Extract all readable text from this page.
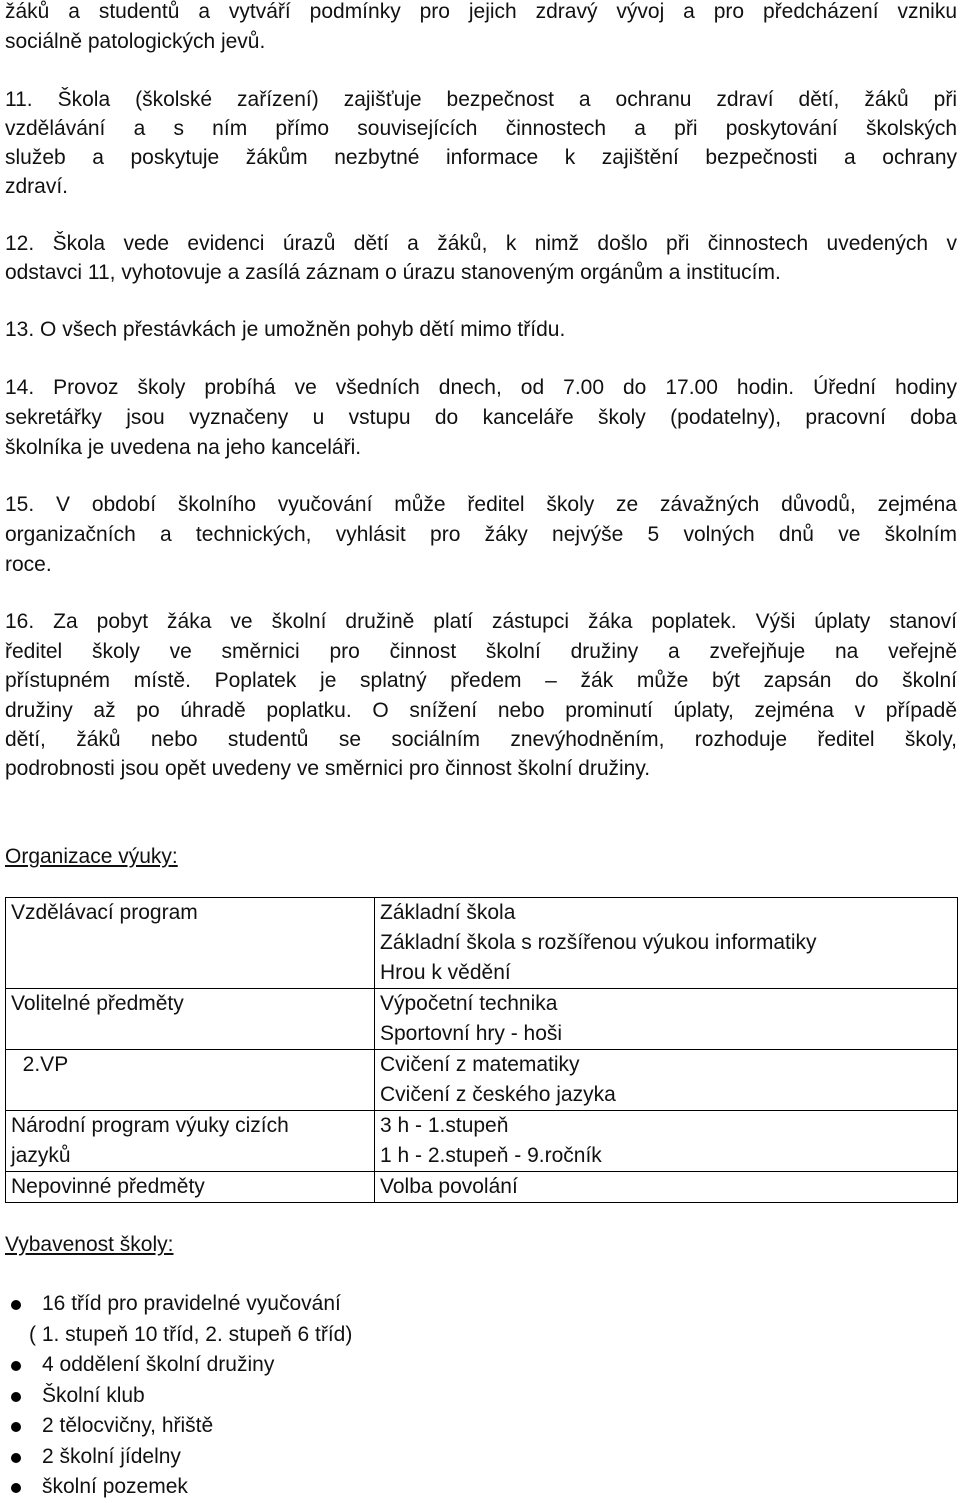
žáků a studentů a vytváří podmínky pro jejich zdravý vývoj a pro předcházení vzniku
sociálně patologických jevů.
11. Škola (školské zařízení) zajišťuje bezpečnost a ochranu zdraví dětí, žáků při
vzdělávání a s ním přímo souvisejících činnostech a při poskytování školských
služeb a poskytuje žákům nezbytné informace k zajištění bezpečnosti a ochrany
zdraví.
12. Škola vede evidenci úrazů dětí a žáků, k nimž došlo při činnostech uvedených v
odstavci 11, vyhotovuje a zasílá záznam o úrazu stanoveným orgánům a institucím.
13. O všech přestávkách je umožněn pohyb dětí mimo třídu.
14. Provoz školy probíhá ve všedních dnech, od 7.00 do 17.00 hodin. Úřední hodiny
sekretářky jsou vyznačeny u vstupu do kanceláře školy (podatelny), pracovní doba
školníka je uvedena na jeho kanceláři.
15. V období školního vyučování může ředitel školy ze závažných důvodů, zejména
organizačních a technických, vyhlásit pro žáky nejvýše 5 volných dnů ve školním
roce.
16. Za pobyt žáka ve školní družině platí zástupci žáka poplatek. Výši úplaty stanoví
ředitel školy ve směrnici pro činnost školní družiny a zveřejňuje na veřejně
přístupném místě. Poplatek je splatný předem – žák může být zapsán do školní
družiny až po úhradě poplatku. O snížení nebo prominutí úplaty, zejména v případě
dětí, žáků nebo studentů se sociálním znevýhodněním, rozhoduje ředitel školy,
podrobnosti jsou opět uvedeny ve směrnici pro činnost školní družiny.
Organizace výuky:
Vzdělávací program	Základní škola
Základní škola s rozšířenou výukou informatiky
Hrou k vědění

Volitelné předměty	Výpočetní technika
Sportovní hry - hoši

2.VP	Cvičení z matematiky
Cvičení z českého jazyka

Národní program výuky cizích
jazyků	3 h - 1.stupeň
1 h - 2.stupeň - 9.ročník

Nepovinné předměty	Volba povolání
Vybavenost školy:
16 tříd pro pravidelné vyučování
( 1. stupeň 10 tříd, 2. stupeň 6 tříd)
4 oddělení školní družiny
Školní klub
2 tělocvičny, hřiště
2 školní jídelny
školní pozemek
